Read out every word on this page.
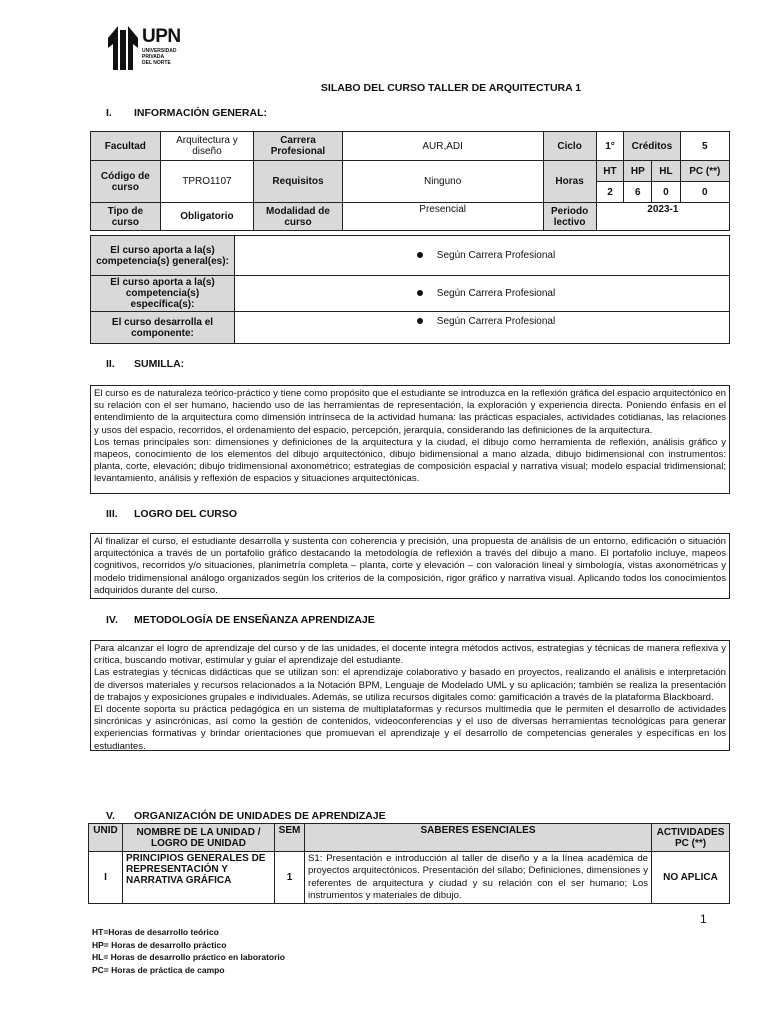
UPN
UNIVERSIDAD
PRIVADA
DEL NORTE
SILABO DEL CURSO TALLER DE ARQUITECTURA 1
I. INFORMACIÓN GENERAL:
Facultad	Arquitectura y diseño	Carrera Profesional	AUR,ADI	Ciclo	1°	Créditos		5
Código de curso	TPRO1107	Requisitos	Ninguno	Horas	HT	HP	HL	PC (**)
					2	6	0	0
Tipo de curso	Obligatorio	Modalidad de curso	Presencial	Periodo lectivo	2023-1			
El curso aporta a la(s) competencia(s) general(es):	Según Carrera Profesional
El curso aporta a la(s) competencia(s) específica(s):	Según Carrera Profesional
El curso desarrolla el componente:	Según Carrera Profesional
II. SUMILLA:

El curso es de naturaleza teórico-práctico y tiene como propósito que el estudiante se introduzca en la reflexión gráfica del espacio arquitectónico en su relación con el ser humano, haciendo uso de las herramientas de representación, la exploración y experiencia directa. Poniendo énfasis en el entendimiento de la arquitectura como dimensión intrínseca de la actividad humana: las prácticas espaciales, actividades cotidianas, las relaciones y usos del espacio, recorridos, el ordenamiento del espacio, percepción, jerarquía, considerando las definiciones de la arquitectura.

Los temas principales son: dimensiones y definiciones de la arquitectura y la ciudad, el dibujo como herramienta de reflexión, análisis gráfico y mapeos, conocimiento de los elementos del dibujo arquitectónico, dibujo bidimensional a mano alzada, dibujo bidimensional con instrumentos: planta, corte, elevación; dibujo tridimensional axonométrico; estrategias de composición espacial y narrativa visual; modelo espacial tridimensional; levantamiento, análisis y reflexión de espacios y situaciones arquitectónicas.

III. LOGRO DEL CURSO

Al finalizar el curso, el estudiante desarrolla y sustenta con coherencia y precisión, una propuesta de análisis de un entorno, edificación o situación arquitectónica a través de un portafolio gráfico destacando la metodología de reflexión a través del dibujo a mano. El portafolio incluye, mapeos cognitivos, recorridos y/o situaciones, planimetría completa – planta, corte y elevación – con valoración lineal y simbología, vistas axonométricas y modelo tridimensional análogo organizados según los criterios de la composición, rigor gráfico y narrativa visual. Aplicando todos los conocimientos adquiridos durante del curso.

IV. METODOLOGÍA DE ENSEÑANZA APRENDIZAJE

Para alcanzar el logro de aprendizaje del curso y de las unidades, el docente integra métodos activos, estrategias y técnicas de manera reflexiva y crítica, buscando motivar, estimular y guiar el aprendizaje del estudiante.

Las estrategias y técnicas didácticas que se utilizan son: el aprendizaje colaborativo y basado en proyectos, realizando el análisis e interpretación de diversos materiales y recursos relacionados a la Notación BPM, Lenguaje de Modelado UML y su aplicación; también se realiza la presentación de trabajos y exposiciones grupales e individuales. Además, se utiliza recursos digitales como: gamificación a través de la plataforma Blackboard.

El docente soporta su práctica pedagógica en un sistema de multiplataformas y recursos multimedia que le permiten el desarrollo de actividades sincrónicas y asincrónicas, así como la gestión de contenidos, videoconferencias y el uso de diversas herramientas tecnológicas para generar experiencias formativas y brindar orientaciones que promuevan el aprendizaje y el desarrollo de competencias generales y específicas en los estudiantes.

V. ORGANIZACIÓN DE UNIDADES DE APRENDIZAJE
UNID	NOMBRE DE LA UNIDAD / LOGRO DE UNIDAD	SEM	SABERES ESENCIALES	ACTIVIDADES PC (**)
I	PRINCIPIOS GENERALES DE REPRESENTACIÓN Y NARRATIVA GRÁFICA	1	S1: Presentación e introducción al taller de diseño y a la línea académica de proyectos arquitectónicos. Presentación del sílabo; Definiciones, dimensiones y referentes de arquitectura y ciudad y su relación con el ser humano; Los instrumentos y materiales de dibujo.	NO APLICA
1
HT=Horas de desarrollo teórico
HP= Horas de desarrollo práctico
HL= Horas de desarrollo práctico en laboratorio
PC= Horas de práctica de campo
